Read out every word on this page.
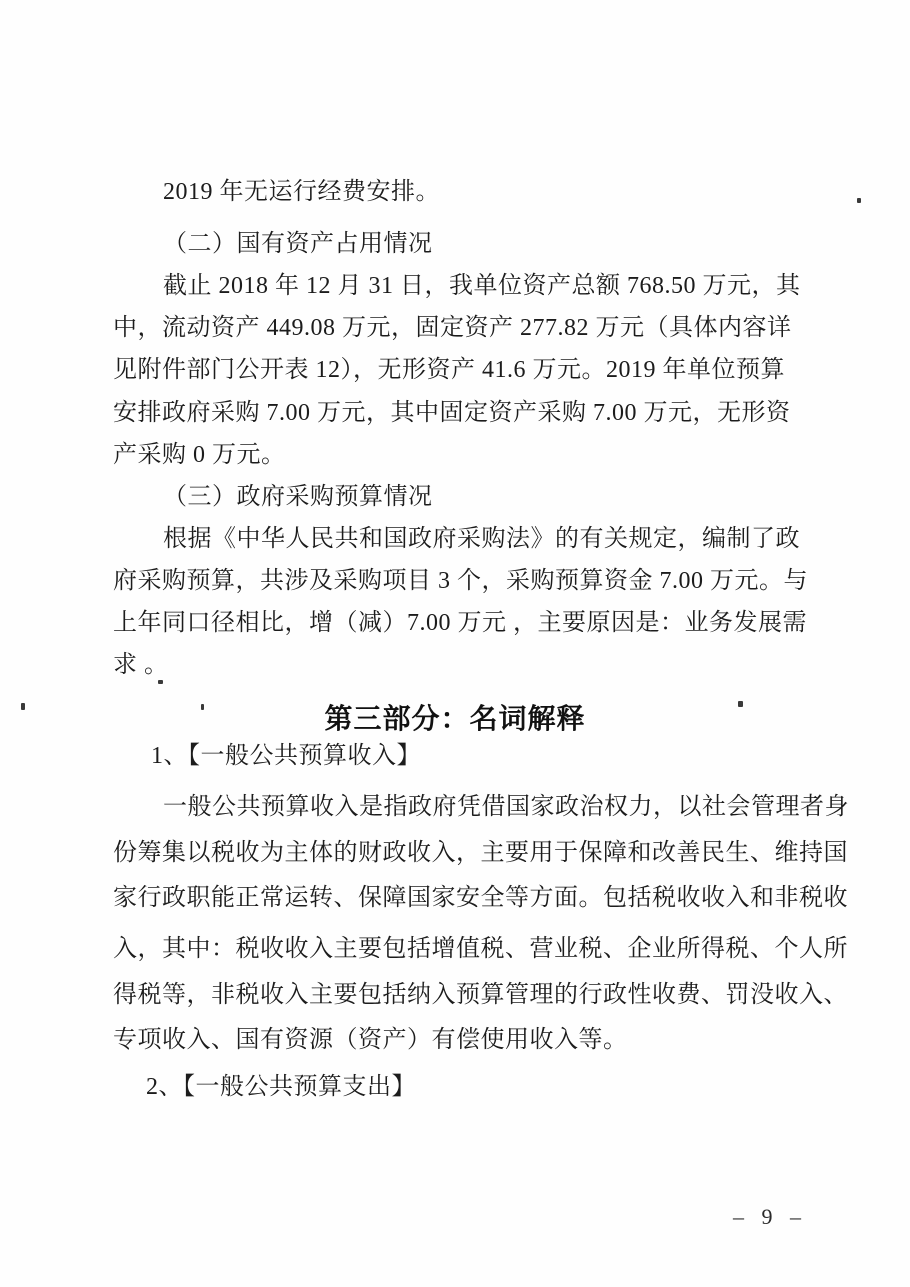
2019 年无运行经费安排。
（二）国有资产占用情况
截止 2018 年 12 月 31 日，我单位资产总额 768.50 万元，其
中，流动资产 449.08 万元，固定资产 277.82 万元（具体内容详
见附件部门公开表 12），无形资产 41.6 万元。2019 年单位预算
安排政府采购 7.00 万元，其中固定资产采购 7.00 万元，无形资
产采购 0 万元。
（三）政府采购预算情况
根据《中华人民共和国政府采购法》的有关规定，编制了政
府采购预算，共涉及采购项目 3 个，采购预算资金 7.00 万元。与
上年同口径相比，增（减）7.00 万元 ，主要原因是：业务发展需
求 。
第三部分：名词解释
1、【一般公共预算收入】
一般公共预算收入是指政府凭借国家政治权力，以社会管理者身
份筹集以税收为主体的财政收入，主要用于保障和改善民生、维持国
家行政职能正常运转、保障国家安全等方面。包括税收收入和非税收
入，其中：税收收入主要包括增值税、营业税、企业所得税、个人所
得税等，非税收入主要包括纳入预算管理的行政性收费、罚没收入、
专项收入、国有资源（资产）有偿使用收入等。
2、【一般公共预算支出】
– 9 –
